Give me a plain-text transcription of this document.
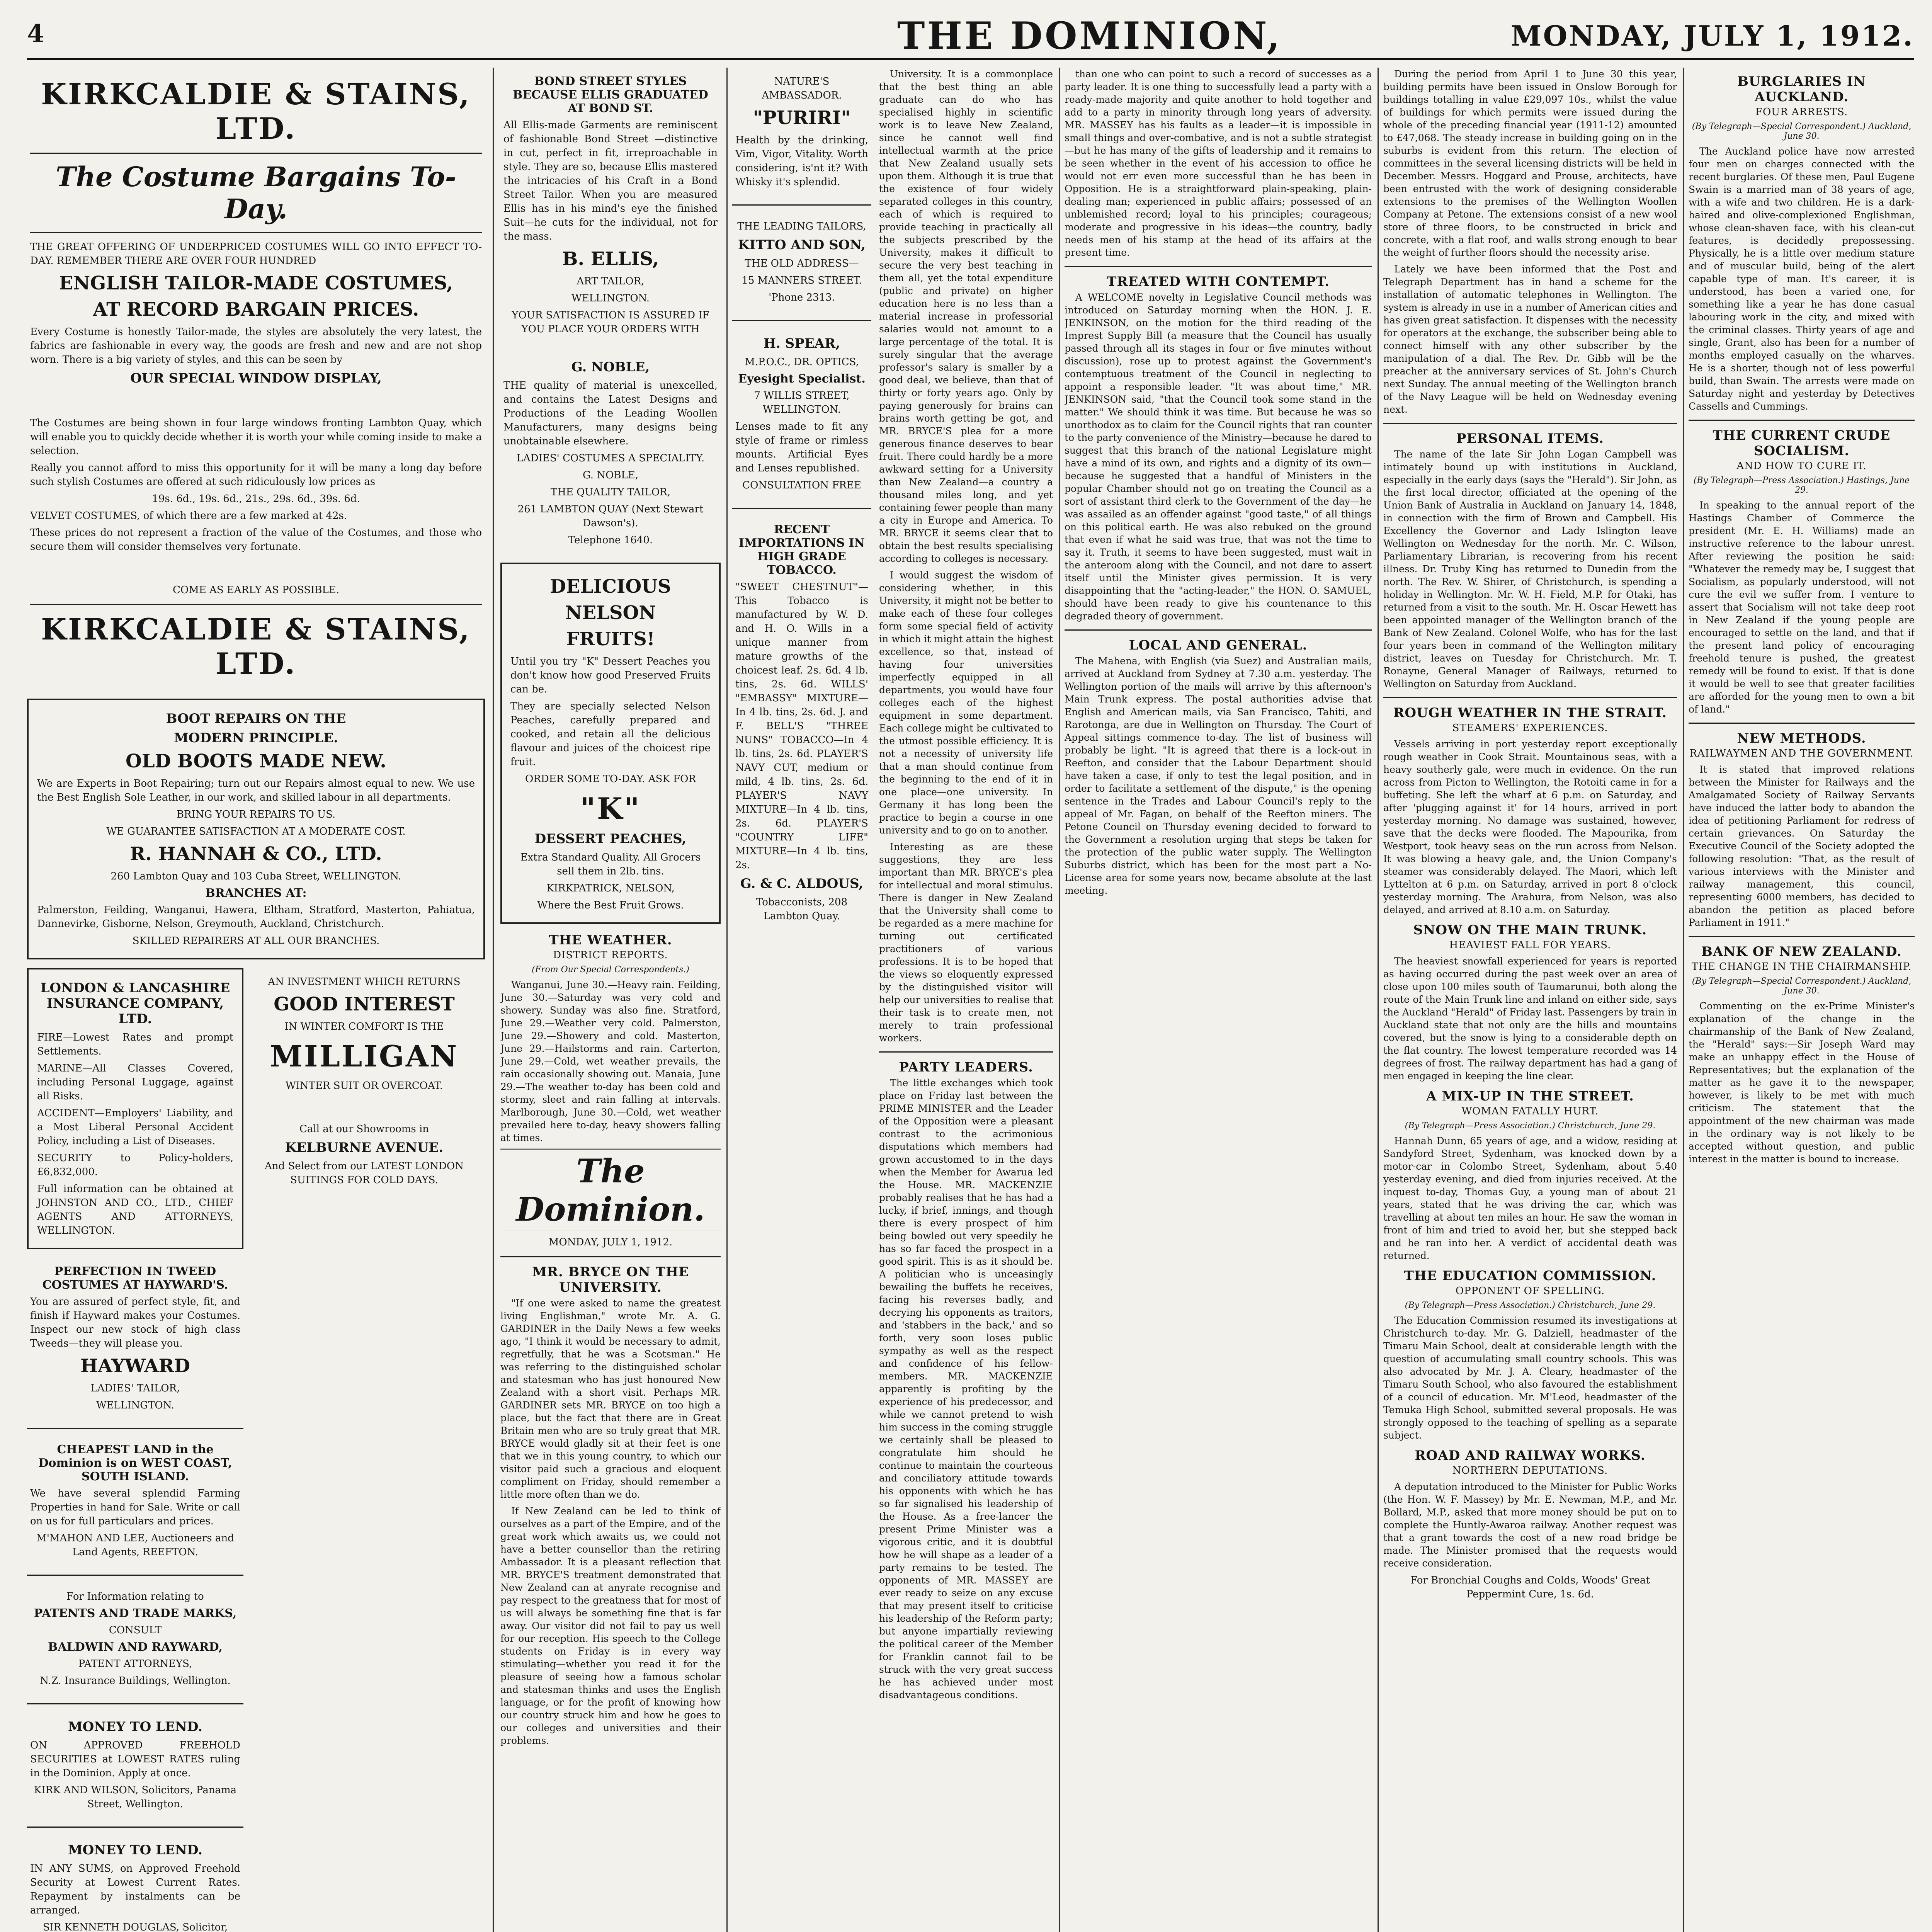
4	THE DOMINION,	MONDAY, JULY 1, 1912.
KIRKCALDIE & STAINS, LTD.
The Costume Bargains To-Day.
THE GREAT OFFERING OF UNDERPRICED COSTUMES WILL GO INTO EFFECT TO-DAY. REMEMBER THERE ARE OVER FOUR HUNDRED
ENGLISH TAILOR-MADE COSTUMES,
AT RECORD BARGAIN PRICES.
Every Costume is honestly Tailor-made, the styles are absolutely the very latest, the fabrics are fashionable in every way, the goods are fresh and new and are not shop worn. There is a big variety of styles, and this can be seen by
OUR SPECIAL WINDOW DISPLAY,
The Costumes are being shown in four large windows fronting Lambton Quay, which will enable you to quickly decide whether it is worth your while coming inside to make a selection.
Really you cannot afford to miss this opportunity for it will be many a long day before such stylish Costumes are offered at such ridiculously low prices as
19s. 6d., 19s. 6d., 21s., 29s. 6d., 39s. 6d.
VELVET COSTUMES, of which there are a few marked at 42s.
These prices do not represent a fraction of the value of the Costumes, and those who secure them will consider themselves very fortunate.
COME AS EARLY AS POSSIBLE.
KIRKCALDIE & STAINS, LTD.
BOOT REPAIRS ON THE
MODERN PRINCIPLE.
OLD BOOTS MADE NEW.
We are Experts in Boot Repairing; turn out our Repairs almost equal to new. We use the Best English Sole Leather, in our work, and skilled labour in all departments.
BRING YOUR REPAIRS TO US.
WE GUARANTEE SATISFACTION AT A MODERATE COST.
R. HANNAH & CO., LTD.
260 Lambton Quay and 103 Cuba Street, WELLINGTON.
BRANCHES AT:
Palmerston, Feilding, Wanganui, Hawera, Eltham, Stratford, Masterton, Pahiatua, Dannevirke, Gisborne, Nelson, Greymouth, Auckland, Christchurch.
SKILLED REPAIRERS AT ALL OUR BRANCHES.
LONDON & LANCASHIRE INSURANCE COMPANY, LTD.
FIRE—Lowest Rates and prompt Settlements.
MARINE—All Classes Covered, including Personal Luggage, against all Risks.
ACCIDENT—Employers' Liability, and a Most Liberal Personal Accident Policy, including a List of Diseases.
SECURITY to Policy-holders, £6,832,000.
Full information can be obtained at JOHNSTON AND CO., LTD., CHIEF AGENTS AND ATTORNEYS, WELLINGTON.
PERFECTION IN TWEED COSTUMES AT HAYWARD'S.
You are assured of perfect style, fit, and finish if Hayward makes your Costumes. Inspect our new stock of high class Tweeds—they will please you.
HAYWARD
LADIES' TAILOR,
WELLINGTON.
CHEAPEST LAND in the Dominion is on WEST COAST, SOUTH ISLAND.
We have several splendid Farming Properties in hand for Sale. Write or call on us for full particulars and prices.
M'MAHON AND LEE, Auctioneers and Land Agents, REEFTON.
For Information relating to
PATENTS AND TRADE MARKS,
CONSULT
BALDWIN AND RAYWARD,
PATENT ATTORNEYS,
N.Z. Insurance Buildings, Wellington.
MONEY TO LEND.
ON APPROVED FREEHOLD SECURITIES at LOWEST RATES ruling in the Dominion. Apply at once.
KIRK AND WILSON, Solicitors, Panama Street, Wellington.
MONEY TO LEND.
IN ANY SUMS, on Approved Freehold Security at Lowest Current Rates. Repayment by instalments can be arranged.
SIR KENNETH DOUGLAS, Solicitor,
AN INVESTMENT WHICH RETURNS
GOOD INTEREST
IN WINTER COMFORT IS THE
MILLIGAN
WINTER SUIT OR OVERCOAT.
Call at our Showrooms in
KELBURNE AVENUE.
And Select from our LATEST LONDON SUITINGS FOR COLD DAYS.
BOND STREET STYLES BECAUSE ELLIS GRADUATED AT BOND ST.
All Ellis-made Garments are reminiscent of fashionable Bond Street —distinctive in cut, perfect in fit, irreproachable in style. They are so, because Ellis mastered the intricacies of his Craft in a Bond Street Tailor. When you are measured Ellis has in his mind's eye the finished Suit—he cuts for the individual, not for the mass.
B. ELLIS,
ART TAILOR,
WELLINGTON.
YOUR SATISFACTION IS ASSURED IF YOU PLACE YOUR ORDERS WITH
G. NOBLE,
THE quality of material is unexcelled, and contains the Latest Designs and Productions of the Leading Woollen Manufacturers, many designs being unobtainable elsewhere.
LADIES' COSTUMES A SPECIALITY.
G. NOBLE,
THE QUALITY TAILOR,
261 LAMBTON QUAY (Next Stewart Dawson's).
Telephone 1640.
DELICIOUS
NELSON
FRUITS!
Until you try "K" Dessert Peaches you don't know how good Preserved Fruits can be.
They are specially selected Nelson Peaches, carefully prepared and cooked, and retain all the delicious flavour and juices of the choicest ripe fruit.
ORDER SOME TO-DAY. ASK FOR
"K"
DESSERT PEACHES,
Extra Standard Quality. All Grocers sell them in 2lb. tins.
KIRKPATRICK, NELSON,
Where the Best Fruit Grows.
THE WEATHER.
DISTRICT REPORTS.
(From Our Special Correspondents.)
Wanganui, June 30.—Heavy rain. Feilding, June 30.—Saturday was very cold and showery. Sunday was also fine. Stratford, June 29.—Weather very cold. Palmerston, June 29.—Showery and cold. Masterton, June 29.—Hailstorms and rain. Carterton, June 29.—Cold, wet weather prevails, the rain occasionally showing out. Manaia, June 29.—The weather to-day has been cold and stormy, sleet and rain falling at intervals. Marlborough, June 30.—Cold, wet weather prevailed here to-day, heavy showers falling at times.
The Dominion.
MONDAY, JULY 1, 1912.
MR. BRYCE ON THE UNIVERSITY.
"If one were asked to name the greatest living Englishman," wrote Mr. A. G. GARDINER in the Daily News a few weeks ago, "I think it would be necessary to admit, regretfully, that he was a Scotsman." He was referring to the distinguished scholar and statesman who has just honoured New Zealand with a short visit. Perhaps MR. GARDINER sets MR. BRYCE on too high a place, but the fact that there are in Great Britain men who are so truly great that MR. BRYCE would gladly sit at their feet is one that we in this young country, to which our visitor paid such a gracious and eloquent compliment on Friday, should remember a little more often than we do.
If New Zealand can be led to think of ourselves as a part of the Empire, and of the great work which awaits us, we could not have a better counsellor than the retiring Ambassador. It is a pleasant reflection that MR. BRYCE'S treatment demonstrated that New Zealand can at anyrate recognise and pay respect to the greatness that for most of us will always be something fine that is far away. Our visitor did not fail to pay us well for our reception. His speech to the College students on Friday is in every way stimulating—whether you read it for the pleasure of seeing how a famous scholar and statesman thinks and uses the English language, or for the profit of knowing how our country struck him and how he goes to our colleges and universities and their problems.
NATURE'S AMBASSADOR.
"PURIRI"
Health by the drinking, Vim, Vigor, Vitality. Worth considering, is'nt it? With Whisky it's splendid.
THE LEADING TAILORS,
KITTO AND SON,
THE OLD ADDRESS—
15 MANNERS STREET.
'Phone 2313.
H. SPEAR,
M.P.O.C., DR. OPTICS,
Eyesight Specialist.
7 WILLIS STREET, WELLINGTON.
Lenses made to fit any style of frame or rimless mounts. Artificial Eyes and Lenses republished.
CONSULTATION FREE
RECENT IMPORTATIONS IN HIGH GRADE TOBACCO.
"SWEET CHESTNUT"—This Tobacco is manufactured by W. D. and H. O. Wills in a unique manner from mature growths of the choicest leaf. 2s. 6d. 4 lb. tins, 2s. 6d. WILLS' "EMBASSY" MIXTURE—In 4 lb. tins, 2s. 6d. J. and F. BELL'S "THREE NUNS" TOBACCO—In 4 lb. tins, 2s. 6d. PLAYER'S NAVY CUT, medium or mild, 4 lb. tins, 2s. 6d. PLAYER'S NAVY MIXTURE—In 4 lb. tins, 2s. 6d. PLAYER'S "COUNTRY LIFE" MIXTURE—In 4 lb. tins, 2s.
G. & C. ALDOUS,
Tobacconists, 208 Lambton Quay.
University. It is a commonplace that the best thing an able graduate can do who has specialised highly in scientific work is to leave New Zealand, since he cannot well find intellectual warmth at the price that New Zealand usually sets upon them. Although it is true that the existence of four widely separated colleges in this country, each of which is required to provide teaching in practically all the subjects prescribed by the University, makes it difficult to secure the very best teaching in them all, yet the total expenditure (public and private) on higher education here is no less than a material increase in professorial salaries would not amount to a large percentage of the total. It is surely singular that the average professor's salary is smaller by a good deal, we believe, than that of thirty or forty years ago. Only by paying generously for brains can brains worth getting be got, and MR. BRYCE'S plea for a more generous finance deserves to bear fruit. There could hardly be a more awkward setting for a University than New Zealand—a country a thousand miles long, and yet containing fewer people than many a city in Europe and America. To MR. BRYCE it seems clear that to obtain the best results specialising according to colleges is necessary.
I would suggest the wisdom of considering whether, in this University, it might not be better to make each of these four colleges form some special field of activity in which it might attain the highest excellence, so that, instead of having four universities imperfectly equipped in all departments, you would have four colleges each of the highest equipment in some department. Each college might be cultivated to the utmost possible efficiency. It is not a necessity of university life that a man should continue from the beginning to the end of it in one place—one university. In Germany it has long been the practice to begin a course in one university and to go on to another.
Interesting as are these suggestions, they are less important than MR. BRYCE's plea for intellectual and moral stimulus. There is danger in New Zealand that the University shall come to be regarded as a mere machine for turning out certificated practitioners of various professions. It is to be hoped that the views so eloquently expressed by the distinguished visitor will help our universities to realise that their task is to create men, not merely to train professional workers.
PARTY LEADERS.
The little exchanges which took place on Friday last between the PRIME MINISTER and the Leader of the Opposition were a pleasant contrast to the acrimonious disputations which members had grown accustomed to in the days when the Member for Awarua led the House. MR. MACKENZIE probably realises that he has had a lucky, if brief, innings, and though there is every prospect of him being bowled out very speedily he has so far faced the prospect in a good spirit. This is as it should be. A politician who is unceasingly bewailing the buffets he receives, facing his reverses badly, and decrying his opponents as traitors, and 'stabbers in the back,' and so forth, very soon loses public sympathy as well as the respect and confidence of his fellow-members. MR. MACKENZIE apparently is profiting by the experience of his predecessor, and while we cannot pretend to wish him success in the coming struggle we certainly shall be pleased to congratulate him should he continue to maintain the courteous and conciliatory attitude towards his opponents with which he has so far signalised his leadership of the House. As a free-lancer the present Prime Minister was a vigorous critic, and it is doubtful how he will shape as a leader of a party remains to be tested. The opponents of MR. MASSEY are ever ready to seize on any excuse that may present itself to criticise his leadership of the Reform party; but anyone impartially reviewing the political career of the Member for Franklin cannot fail to be struck with the very great success he has achieved under most disadvantageous conditions.
than one who can point to such a record of successes as a party leader. It is one thing to successfully lead a party with a ready-made majority and quite another to hold together and add to a party in minority through long years of adversity. MR. MASSEY has his faults as a leader—it is impossible in small things and over-combative, and is not a subtle strategist—but he has many of the gifts of leadership and it remains to be seen whether in the event of his accession to office he would not err even more successful than he has been in Opposition. He is a straightforward plain-speaking, plain-dealing man; experienced in public affairs; possessed of an unblemished record; loyal to his principles; courageous; moderate and progressive in his ideas—the country, badly needs men of his stamp at the head of its affairs at the present time.
TREATED WITH CONTEMPT.
A WELCOME novelty in Legislative Council methods was introduced on Saturday morning when the HON. J. E. JENKINSON, on the motion for the third reading of the Imprest Supply Bill (a measure that the Council has usually passed through all its stages in four or five minutes without discussion), rose up to protest against the Government's contemptuous treatment of the Council in neglecting to appoint a responsible leader. "It was about time," MR. JENKINSON said, "that the Council took some stand in the matter." We should think it was time. But because he was so unorthodox as to claim for the Council rights that ran counter to the party convenience of the Ministry—because he dared to suggest that this branch of the national Legislature might have a mind of its own, and rights and a dignity of its own—because he suggested that a handful of Ministers in the popular Chamber should not go on treating the Council as a sort of assistant third clerk to the Government of the day—he was assailed as an offender against "good taste," of all things on this political earth. He was also rebuked on the ground that even if what he said was true, that was not the time to say it. Truth, it seems to have been suggested, must wait in the anteroom along with the Council, and not dare to assert itself until the Minister gives permission. It is very disappointing that the "acting-leader," the HON. O. SAMUEL, should have been ready to give his countenance to this degraded theory of government.
LOCAL AND GENERAL.
The Mahena, with English (via Suez) and Australian mails, arrived at Auckland from Sydney at 7.30 a.m. yesterday. The Wellington portion of the mails will arrive by this afternoon's Main Trunk express. The postal authorities advise that English and American mails, via San Francisco, Tahiti, and Rarotonga, are due in Wellington on Thursday. The Court of Appeal sittings commence to-day. The list of business will probably be light. "It is agreed that there is a lock-out in Reefton, and consider that the Labour Department should have taken a case, if only to test the legal position, and in order to facilitate a settlement of the dispute," is the opening sentence in the Trades and Labour Council's reply to the appeal of Mr. Fagan, on behalf of the Reefton miners. The Petone Council on Thursday evening decided to forward to the Government a resolution urging that steps be taken for the protection of the public water supply. The Wellington Suburbs district, which has been for the most part a No-License area for some years now, became absolute at the last meeting.
During the period from April 1 to June 30 this year, building permits have been issued in Onslow Borough for buildings totalling in value £29,097 10s., whilst the value of buildings for which permits were issued during the whole of the preceding financial year (1911-12) amounted to £47,068. The steady increase in building going on in the suburbs is evident from this return. The election of committees in the several licensing districts will be held in December. Messrs. Hoggard and Prouse, architects, have been entrusted with the work of designing considerable extensions to the premises of the Wellington Woollen Company at Petone. The extensions consist of a new wool store of three floors, to be constructed in brick and concrete, with a flat roof, and walls strong enough to bear the weight of further floors should the necessity arise.
Lately we have been informed that the Post and Telegraph Department has in hand a scheme for the installation of automatic telephones in Wellington. The system is already in use in a number of American cities and has given great satisfaction. It dispenses with the necessity for operators at the exchange, the subscriber being able to connect himself with any other subscriber by the manipulation of a dial. The Rev. Dr. Gibb will be the preacher at the anniversary services of St. John's Church next Sunday. The annual meeting of the Wellington branch of the Navy League will be held on Wednesday evening next.
PERSONAL ITEMS.
The name of the late Sir John Logan Campbell was intimately bound up with institutions in Auckland, especially in the early days (says the "Herald"). Sir John, as the first local director, officiated at the opening of the Union Bank of Australia in Auckland on January 14, 1848, in connection with the firm of Brown and Campbell. His Excellency the Governor and Lady Islington leave Wellington on Wednesday for the north. Mr. C. Wilson, Parliamentary Librarian, is recovering from his recent illness. Dr. Truby King has returned to Dunedin from the north. The Rev. W. Shirer, of Christchurch, is spending a holiday in Wellington. Mr. W. H. Field, M.P. for Otaki, has returned from a visit to the south. Mr. H. Oscar Hewett has been appointed manager of the Wellington branch of the Bank of New Zealand. Colonel Wolfe, who has for the last four years been in command of the Wellington military district, leaves on Tuesday for Christchurch. Mr. T. Ronayne, General Manager of Railways, returned to Wellington on Saturday from Auckland.
ROUGH WEATHER IN THE STRAIT.
STEAMERS' EXPERIENCES.
Vessels arriving in port yesterday report exceptionally rough weather in Cook Strait. Mountainous seas, with a heavy southerly gale, were much in evidence. On the run across from Picton to Wellington, the Rotoiti came in for a buffeting. She left the wharf at 6 p.m. on Saturday, and after 'plugging against it' for 14 hours, arrived in port yesterday morning. No damage was sustained, however, save that the decks were flooded. The Mapourika, from Westport, took heavy seas on the run across from Nelson. It was blowing a heavy gale, and, the Union Company's steamer was considerably delayed. The Maori, which left Lyttelton at 6 p.m. on Saturday, arrived in port 8 o'clock yesterday morning. The Arahura, from Nelson, was also delayed, and arrived at 8.10 a.m. on Saturday.
SNOW ON THE MAIN TRUNK.
HEAVIEST FALL FOR YEARS.
The heaviest snowfall experienced for years is reported as having occurred during the past week over an area of close upon 100 miles south of Taumarunui, both along the route of the Main Trunk line and inland on either side, says the Auckland "Herald" of Friday last. Passengers by train in Auckland state that not only are the hills and mountains covered, but the snow is lying to a considerable depth on the flat country. The lowest temperature recorded was 14 degrees of frost. The railway department has had a gang of men engaged in keeping the line clear.
A MIX-UP IN THE STREET.
WOMAN FATALLY HURT.
(By Telegraph—Press Association.) Christchurch, June 29.
Hannah Dunn, 65 years of age, and a widow, residing at Sandyford Street, Sydenham, was knocked down by a motor-car in Colombo Street, Sydenham, about 5.40 yesterday evening, and died from injuries received. At the inquest to-day, Thomas Guy, a young man of about 21 years, stated that he was driving the car, which was travelling at about ten miles an hour. He saw the woman in front of him and tried to avoid her, but she stepped back and he ran into her. A verdict of accidental death was returned.
THE EDUCATION COMMISSION.
OPPONENT OF SPELLING.
(By Telegraph—Press Association.) Christchurch, June 29.
The Education Commission resumed its investigations at Christchurch to-day. Mr. G. Dalziell, headmaster of the Timaru Main School, dealt at considerable length with the question of accumulating small country schools. This was also advocated by Mr. J. A. Cleary, headmaster of the Timaru South School, who also favoured the establishment of a council of education. Mr. M'Leod, headmaster of the Temuka High School, submitted several proposals. He was strongly opposed to the teaching of spelling as a separate subject.
ROAD AND RAILWAY WORKS.
NORTHERN DEPUTATIONS.
A deputation introduced to the Minister for Public Works (the Hon. W. F. Massey) by Mr. E. Newman, M.P., and Mr. Bollard, M.P., asked that more money should be put on to complete the Huntly-Awaroa railway. Another request was that a grant towards the cost of a new road bridge be made. The Minister promised that the requests would receive consideration.
For Bronchial Coughs and Colds, Woods' Great Peppermint Cure, 1s. 6d.
BURGLARIES IN AUCKLAND.
FOUR ARRESTS.
(By Telegraph—Special Correspondent.) Auckland, June 30.
The Auckland police have now arrested four men on charges connected with the recent burglaries. Of these men, Paul Eugene Swain is a married man of 38 years of age, with a wife and two children. He is a dark-haired and olive-complexioned Englishman, whose clean-shaven face, with his clean-cut features, is decidedly prepossessing. Physically, he is a little over medium stature and of muscular build, being of the alert capable type of man. It's career, it is understood, has been a varied one, for something like a year he has done casual labouring work in the city, and mixed with the criminal classes. Thirty years of age and single, Grant, also has been for a number of months employed casually on the wharves. He is a shorter, though not of less powerful build, than Swain. The arrests were made on Saturday night and yesterday by Detectives Cassells and Cummings.
THE CURRENT CRUDE SOCIALISM.
AND HOW TO CURE IT.
(By Telegraph—Press Association.) Hastings, June 29.
In speaking to the annual report of the Hastings Chamber of Commerce the president (Mr. E. H. Williams) made an instructive reference to the labour unrest. After reviewing the position he said: "Whatever the remedy may be, I suggest that Socialism, as popularly understood, will not cure the evil we suffer from. I venture to assert that Socialism will not take deep root in New Zealand if the young people are encouraged to settle on the land, and that if the present land policy of encouraging freehold tenure is pushed, the greatest remedy will be found to exist. If that is done it would be well to see that greater facilities are afforded for the young men to own a bit of land."
NEW METHODS.
RAILWAYMEN AND THE GOVERNMENT.
It is stated that improved relations between the Minister for Railways and the Amalgamated Society of Railway Servants have induced the latter body to abandon the idea of petitioning Parliament for redress of certain grievances. On Saturday the Executive Council of the Society adopted the following resolution: "That, as the result of various interviews with the Minister and railway management, this council, representing 6000 members, has decided to abandon the petition as placed before Parliament in 1911."
BANK OF NEW ZEALAND.
THE CHANGE IN THE CHAIRMANSHIP.
(By Telegraph—Special Correspondent.) Auckland, June 30.
Commenting on the ex-Prime Minister's explanation of the change in the chairmanship of the Bank of New Zealand, the "Herald" says:—Sir Joseph Ward may make an unhappy effect in the House of Representatives; but the explanation of the matter as he gave it to the newspaper, however, is likely to be met with much criticism. The statement that the appointment of the new chairman was made in the ordinary way is not likely to be accepted without question, and public interest in the matter is bound to increase.
